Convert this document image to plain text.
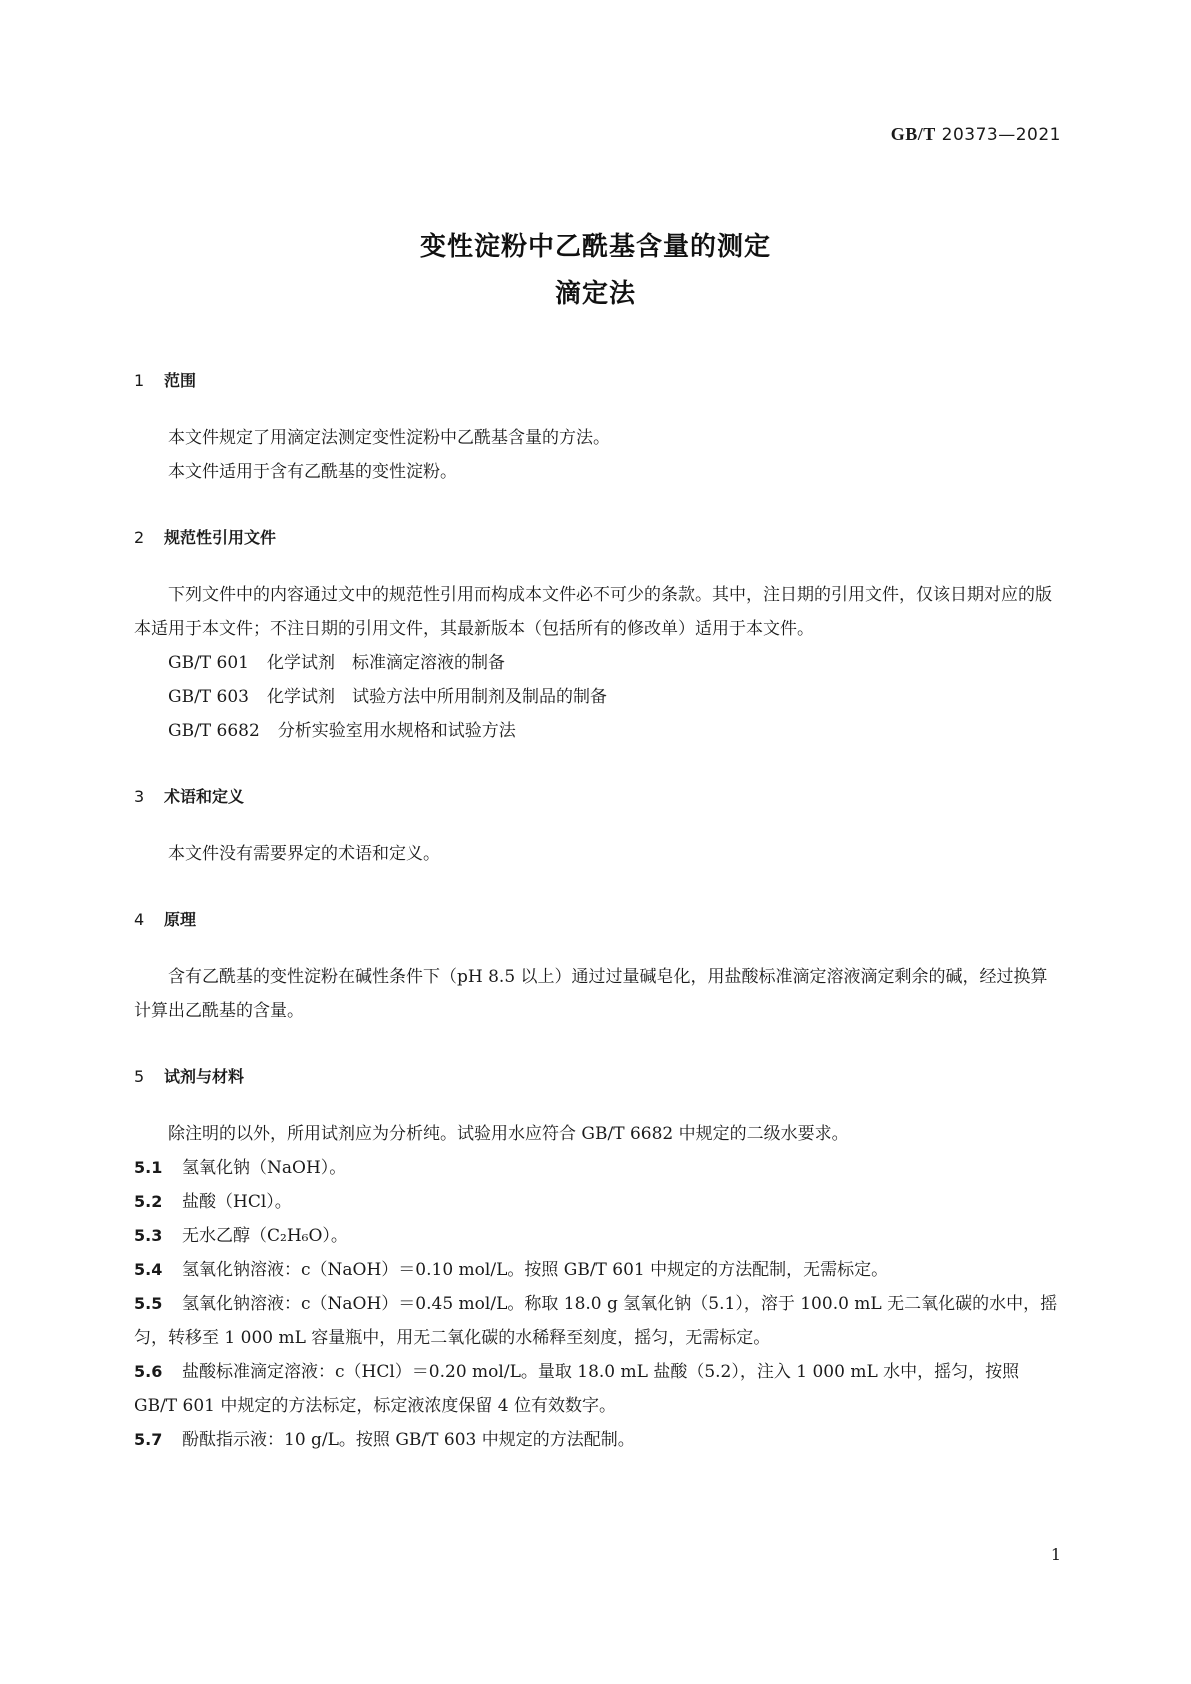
GB/T 20373—2021
变性淀粉中乙酰基含量的测定
滴定法
1 范围

本文件规定了用滴定法测定变性淀粉中乙酰基含量的方法。

本文件适用于含有乙酰基的变性淀粉。

2 规范性引用文件

下列文件中的内容通过文中的规范性引用而构成本文件必不可少的条款。其中，注日期的引用文件，仅该日期对应的版本适用于本文件；不注日期的引用文件，其最新版本（包括所有的修改单）适用于本文件。

GB/T 601 化学试剂　标准滴定溶液的制备
GB/T 603 化学试剂　试验方法中所用制剂及制品的制备
GB/T 6682 分析实验室用水规格和试验方法
3 术语和定义

本文件没有需要界定的术语和定义。

4 原理

含有乙酰基的变性淀粉在碱性条件下（pH 8.5 以上）通过过量碱皂化，用盐酸标准滴定溶液滴定剩余的碱，经过换算计算出乙酰基的含量。

5 试剂与材料

除注明的以外，所用试剂应为分析纯。试验用水应符合 GB/T 6682 中规定的二级水要求。

5.1 氢氧化钠（NaOH）。
5.2 盐酸（HCl）。
5.3 无水乙醇（C₂H₆O）。
5.4 氢氧化钠溶液：c（NaOH）＝0.10 mol/L。按照 GB/T 601 中规定的方法配制，无需标定。
5.5 氢氧化钠溶液：c（NaOH）＝0.45 mol/L。称取 18.0 g 氢氧化钠（5.1），溶于 100.0 mL 无二氧化碳的水中，摇匀，转移至 1 000 mL 容量瓶中，用无二氧化碳的水稀释至刻度，摇匀，无需标定。
5.6 盐酸标准滴定溶液：c（HCl）＝0.20 mol/L。量取 18.0 mL 盐酸（5.2），注入 1 000 mL 水中，摇匀，按照 GB/T 601 中规定的方法标定，标定液浓度保留 4 位有效数字。
5.7 酚酞指示液：10 g/L。按照 GB/T 603 中规定的方法配制。
1
